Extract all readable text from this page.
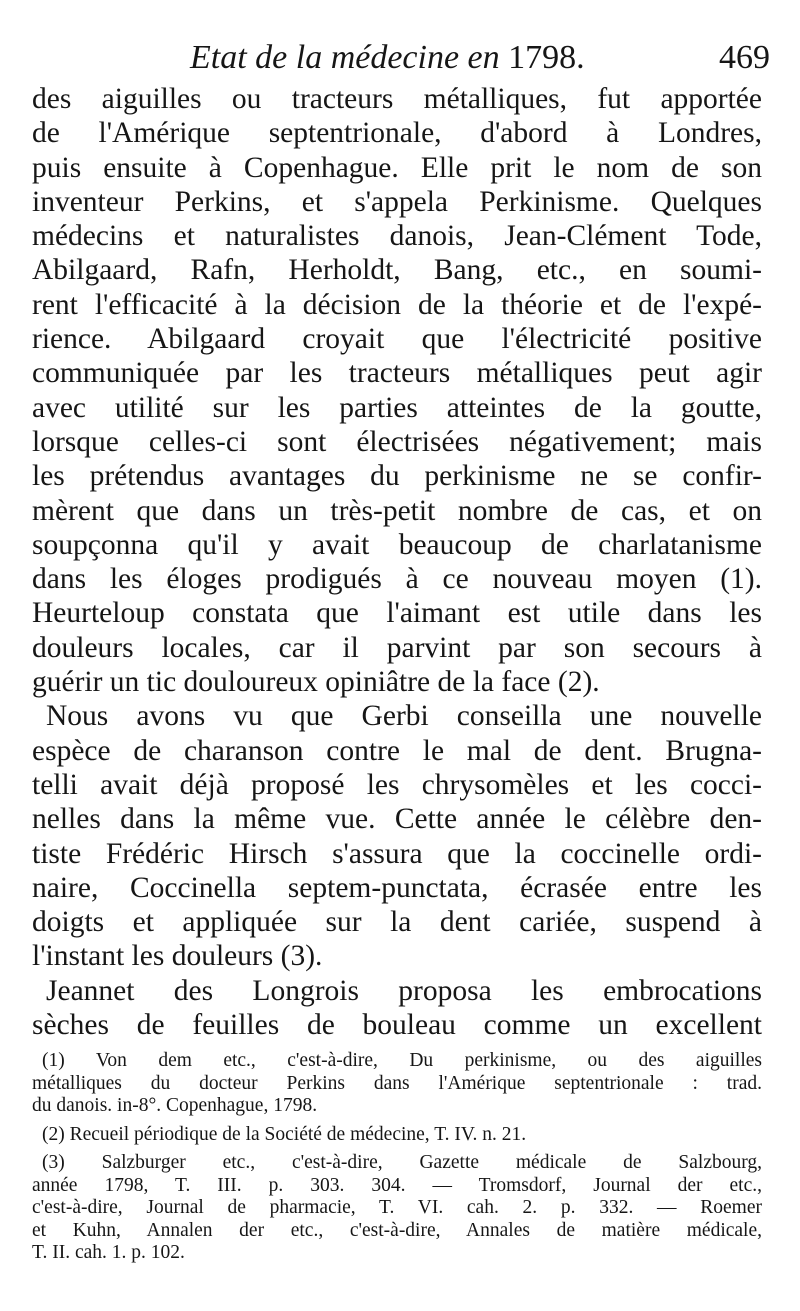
Etat de la médecine en 1798.	469
des aiguilles ou tracteurs métalliques, fut apportée
de l'Amérique septentrionale, d'abord à Londres,
puis ensuite à Copenhague. Elle prit le nom de son
inventeur Perkins, et s'appela Perkinisme. Quelques
médecins et naturalistes danois, Jean-Clément Tode,
Abilgaard, Rafn, Herholdt, Bang, etc., en soumi-
rent l'efficacité à la décision de la théorie et de l'expé-
rience. Abilgaard croyait que l'électricité positive
communiquée par les tracteurs métalliques peut agir
avec utilité sur les parties atteintes de la goutte,
lorsque celles-ci sont électrisées négativement; mais
les prétendus avantages du perkinisme ne se confir-
mèrent que dans un très-petit nombre de cas, et on
soupçonna qu'il y avait beaucoup de charlatanisme
dans les éloges prodigués à ce nouveau moyen (1).
Heurteloup constata que l'aimant est utile dans les
douleurs locales, car il parvint par son secours à
guérir un tic douloureux opiniâtre de la face (2).
Nous avons vu que Gerbi conseilla une nouvelle
espèce de charanson contre le mal de dent. Brugna-
telli avait déjà proposé les chrysomèles et les cocci-
nelles dans la même vue. Cette année le célèbre den-
tiste Frédéric Hirsch s'assura que la coccinelle ordi-
naire, Coccinella septem-punctata, écrasée entre les
doigts et appliquée sur la dent cariée, suspend à
l'instant les douleurs (3).
Jeannet des Longrois proposa les embrocations
sèches de feuilles de bouleau comme un excellent
(1) Von dem etc., c'est-à-dire, Du perkinisme, ou des aiguilles
métalliques du docteur Perkins dans l'Amérique septentrionale : trad.
du danois. in-8°. Copenhague, 1798.
(2) Recueil périodique de la Société de médecine, T. IV. n. 21.
(3) Salzburger etc., c'est-à-dire, Gazette médicale de Salzbourg,
année 1798, T. III. p. 303. 304. — Tromsdorf, Journal der etc.,
c'est-à-dire, Journal de pharmacie, T. VI. cah. 2. p. 332. — Roemer
et Kuhn, Annalen der etc., c'est-à-dire, Annales de matière médicale,
T. II. cah. 1. p. 102.
